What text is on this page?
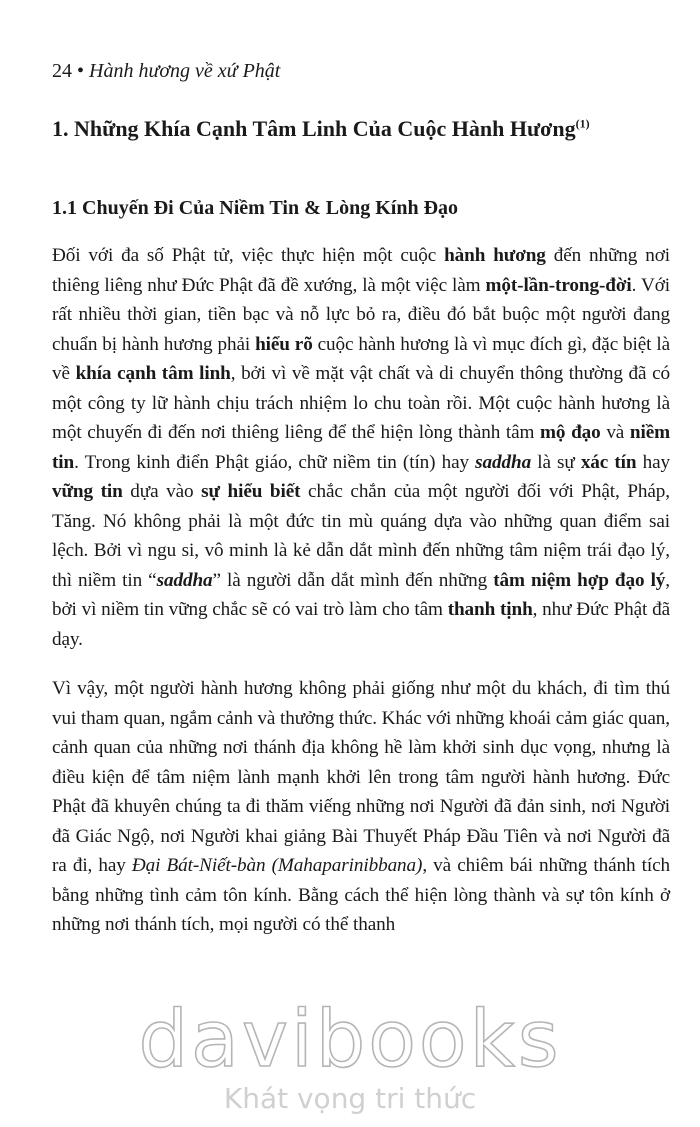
24 • Hành hương về xứ Phật
1. Những Khía Cạnh Tâm Linh Của Cuộc Hành Hương$^{(1)}$
1.1 Chuyến Đi Của Niềm Tin & Lòng Kính Đạo

Đối với đa số Phật tử, việc thực hiện một cuộc hành hương đến những nơi thiêng liêng như Đức Phật đã đề xướng, là một việc làm một-lần-trong-đời. Với rất nhiều thời gian, tiền bạc và nỗ lực bỏ ra, điều đó bắt buộc một người đang chuẩn bị hành hương phải hiểu rõ cuộc hành hương là vì mục đích gì, đặc biệt là về khía cạnh tâm linh, bởi vì về mặt vật chất và di chuyển thông thường đã có một công ty lữ hành chịu trách nhiệm lo chu toàn rồi. Một cuộc hành hương là một chuyến đi đến nơi thiêng liêng để thể hiện lòng thành tâm mộ đạo và niềm tin. Trong kinh điển Phật giáo, chữ niềm tin (tín) hay saddha là sự xác tín hay vững tin dựa vào sự hiểu biết chắc chắn của một người đối với Phật, Pháp, Tăng. Nó không phải là một đức tin mù quáng dựa vào những quan điểm sai lệch. Bởi vì ngu si, vô minh là kẻ dẫn dắt mình đến những tâm niệm trái đạo lý, thì niềm tin “saddha” là người dẫn dắt mình đến những tâm niệm hợp đạo lý, bởi vì niềm tin vững chắc sẽ có vai trò làm cho tâm thanh tịnh, như Đức Phật đã dạy.

Vì vậy, một người hành hương không phải giống như một du khách, đi tìm thú vui tham quan, ngắm cảnh và thưởng thức. Khác với những khoái cảm giác quan, cảnh quan của những nơi thánh địa không hề làm khởi sinh dục vọng, nhưng là điều kiện để tâm niệm lành mạnh khởi lên trong tâm người hành hương. Đức Phật đã khuyên chúng ta đi thăm viếng những nơi Người đã đản sinh, nơi Người đã Giác Ngộ, nơi Người khai giảng Bài Thuyết Pháp Đầu Tiên và nơi Người đã ra đi, hay Đại Bát-Niết-bàn (Mahaparinibbana), và chiêm bái những thánh tích bằng những tình cảm tôn kính. Bằng cách thể hiện lòng thành và sự tôn kính ở những nơi thánh tích, mọi người có thể thanh

davibooks
Khát vọng tri thức
